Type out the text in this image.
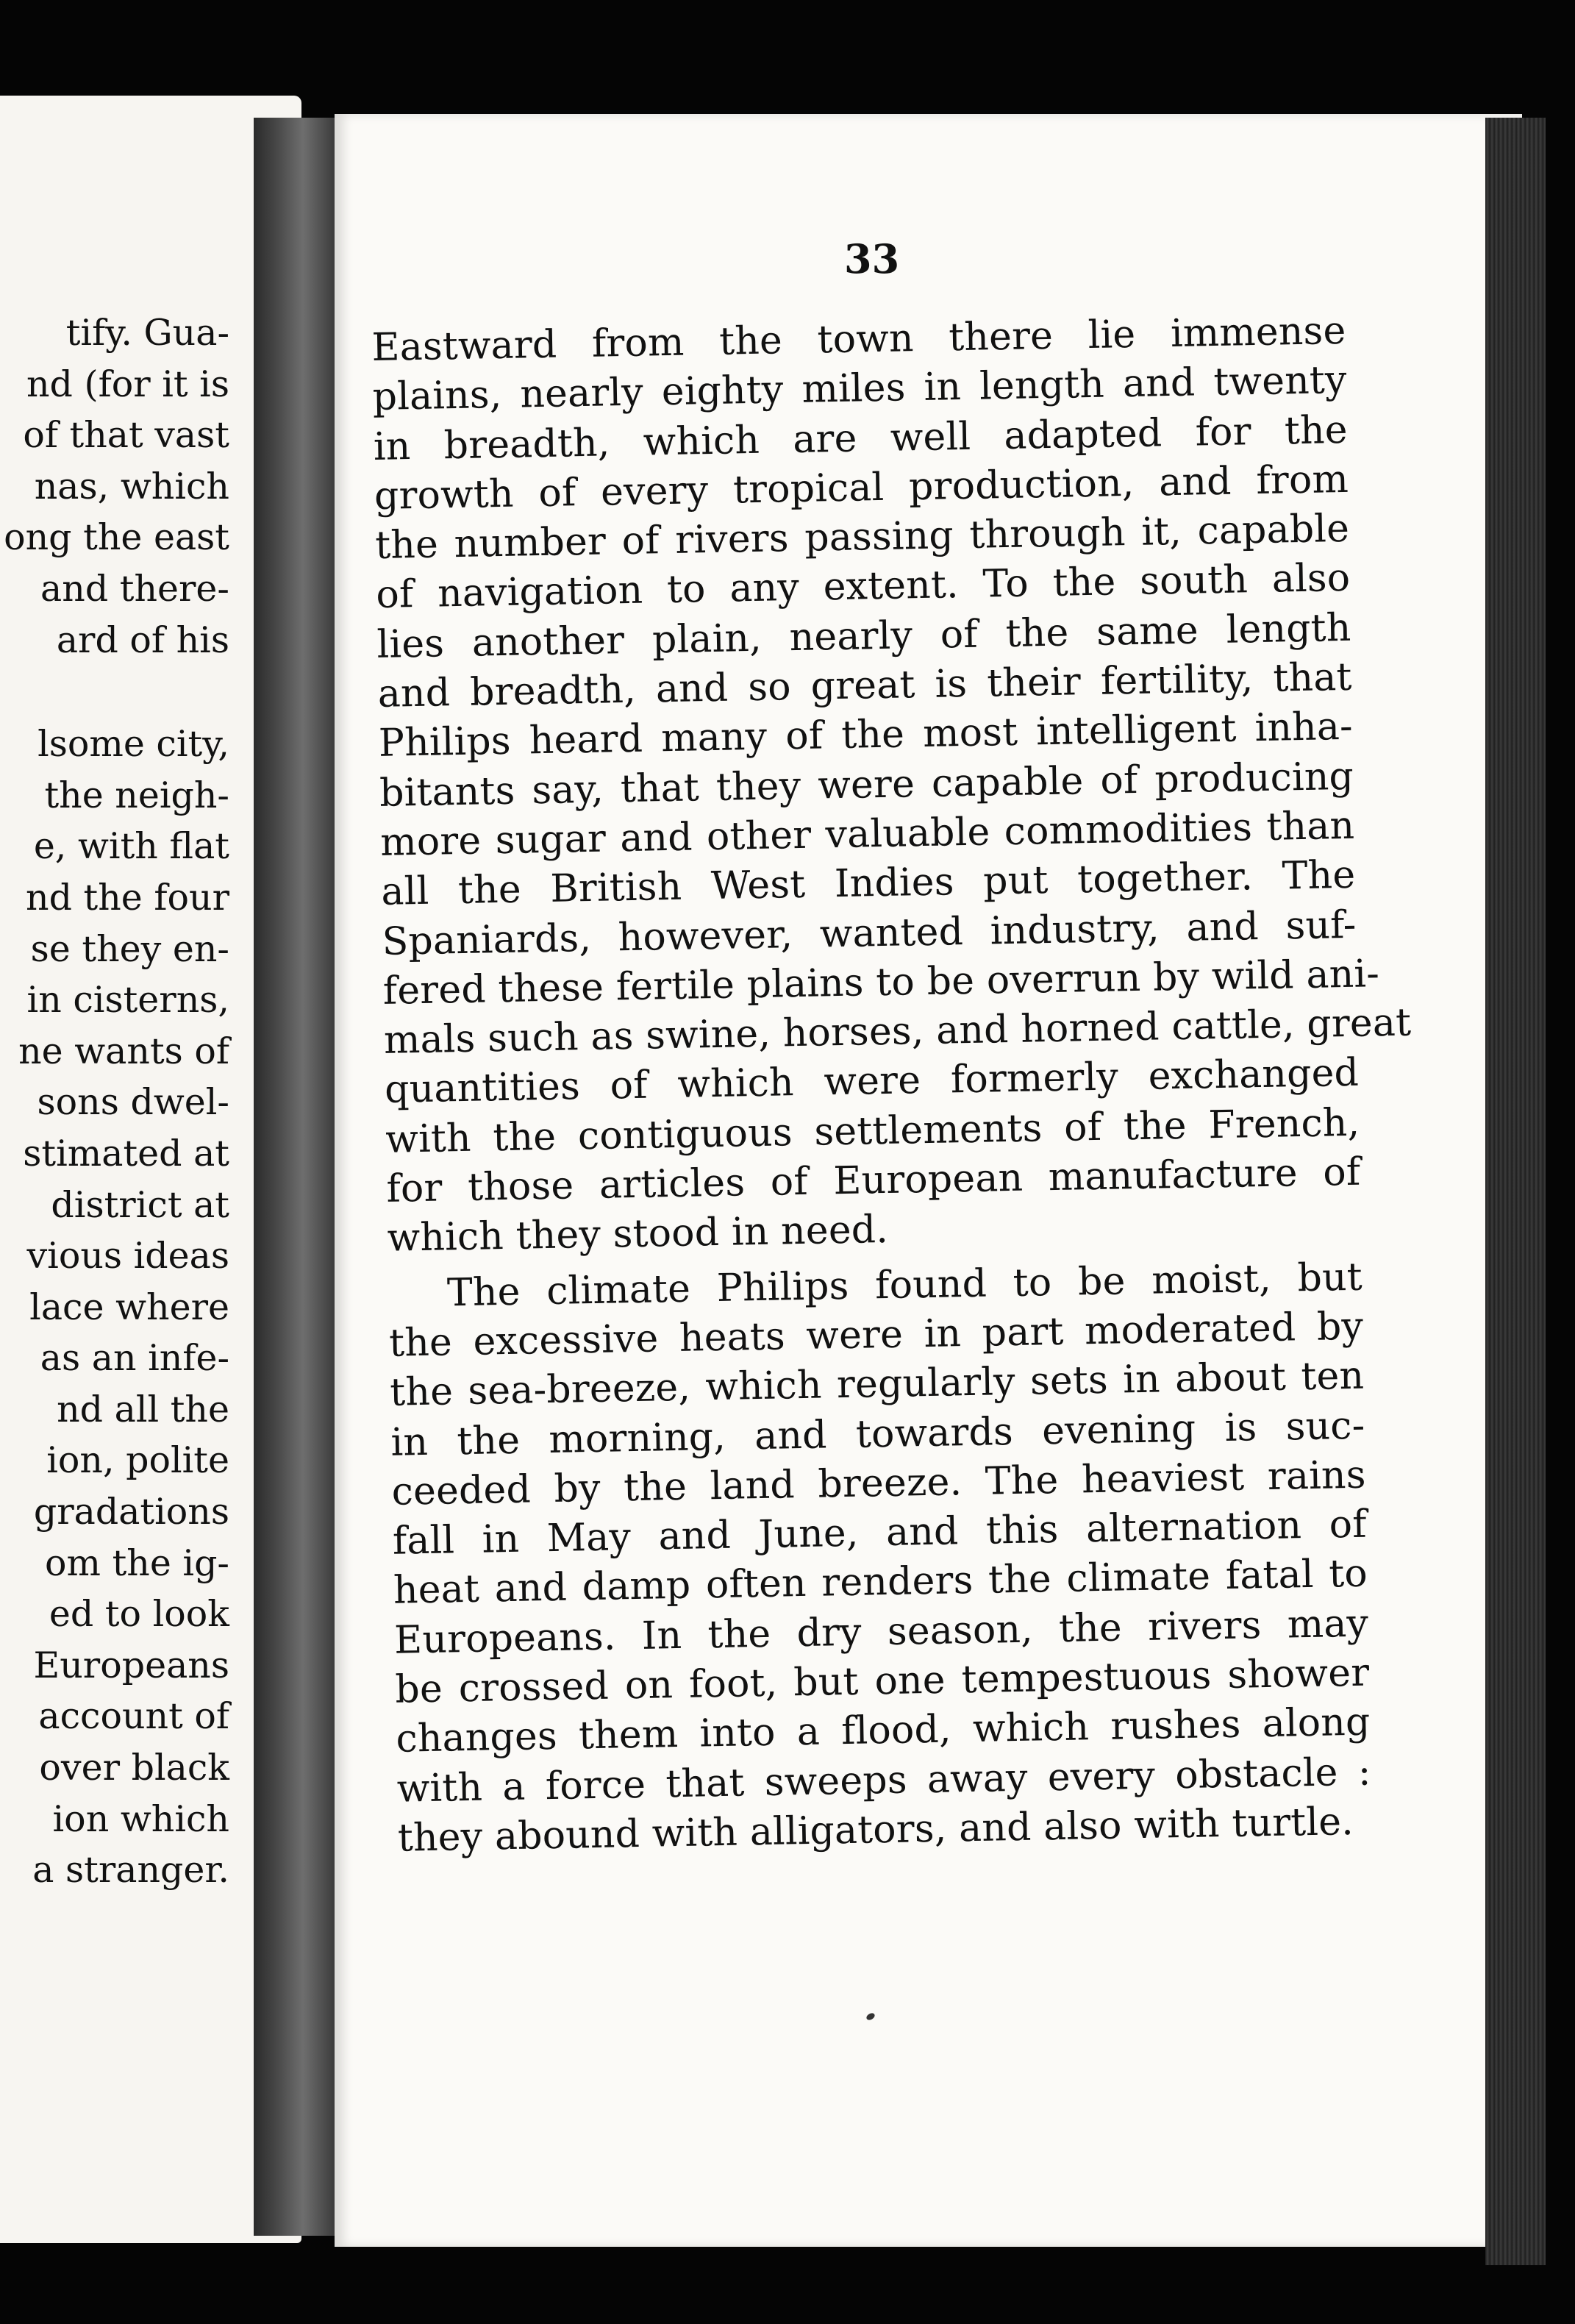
tify. Gua-
nd (for it is
of that vast
nas, which
ong the east
and there-
ard of his
lsome city,
the neigh-
e, with flat
nd the four
se they en-
in cisterns,
ne wants of
sons dwel-
stimated at
district at
vious ideas
lace where
as an infe-
nd all the
ion, polite
gradations
om the ig-
ed to look
Europeans
account of
over black
ion which
a stranger.
33
Eastward from the town there lie immense
plains, nearly eighty miles in length and twenty
in breadth, which are well adapted for the
growth of every tropical production, and from
the number of rivers passing through it, capable
of navigation to any extent. To the south also
lies another plain, nearly of the same length
and breadth, and so great is their fertility, that
Philips heard many of the most intelligent inha-
bitants say, that they were capable of producing
more sugar and other valuable commodities than
all the British West Indies put together. The
Spaniards, however, wanted industry, and suf-
fered these fertile plains to be overrun by wild ani-
mals such as swine, horses, and horned cattle, great
quantities of which were formerly exchanged
with the contiguous settlements of the French,
for those articles of European manufacture of
which they stood in need.
The climate Philips found to be moist, but
the excessive heats were in part moderated by
the sea-breeze, which regularly sets in about ten
in the morning, and towards evening is suc-
ceeded by the land breeze. The heaviest rains
fall in May and June, and this alternation of
heat and damp often renders the climate fatal to
Europeans. In the dry season, the rivers may
be crossed on foot, but one tempestuous shower
changes them into a flood, which rushes along
with a force that sweeps away every obstacle :
they abound with alligators, and also with turtle.
